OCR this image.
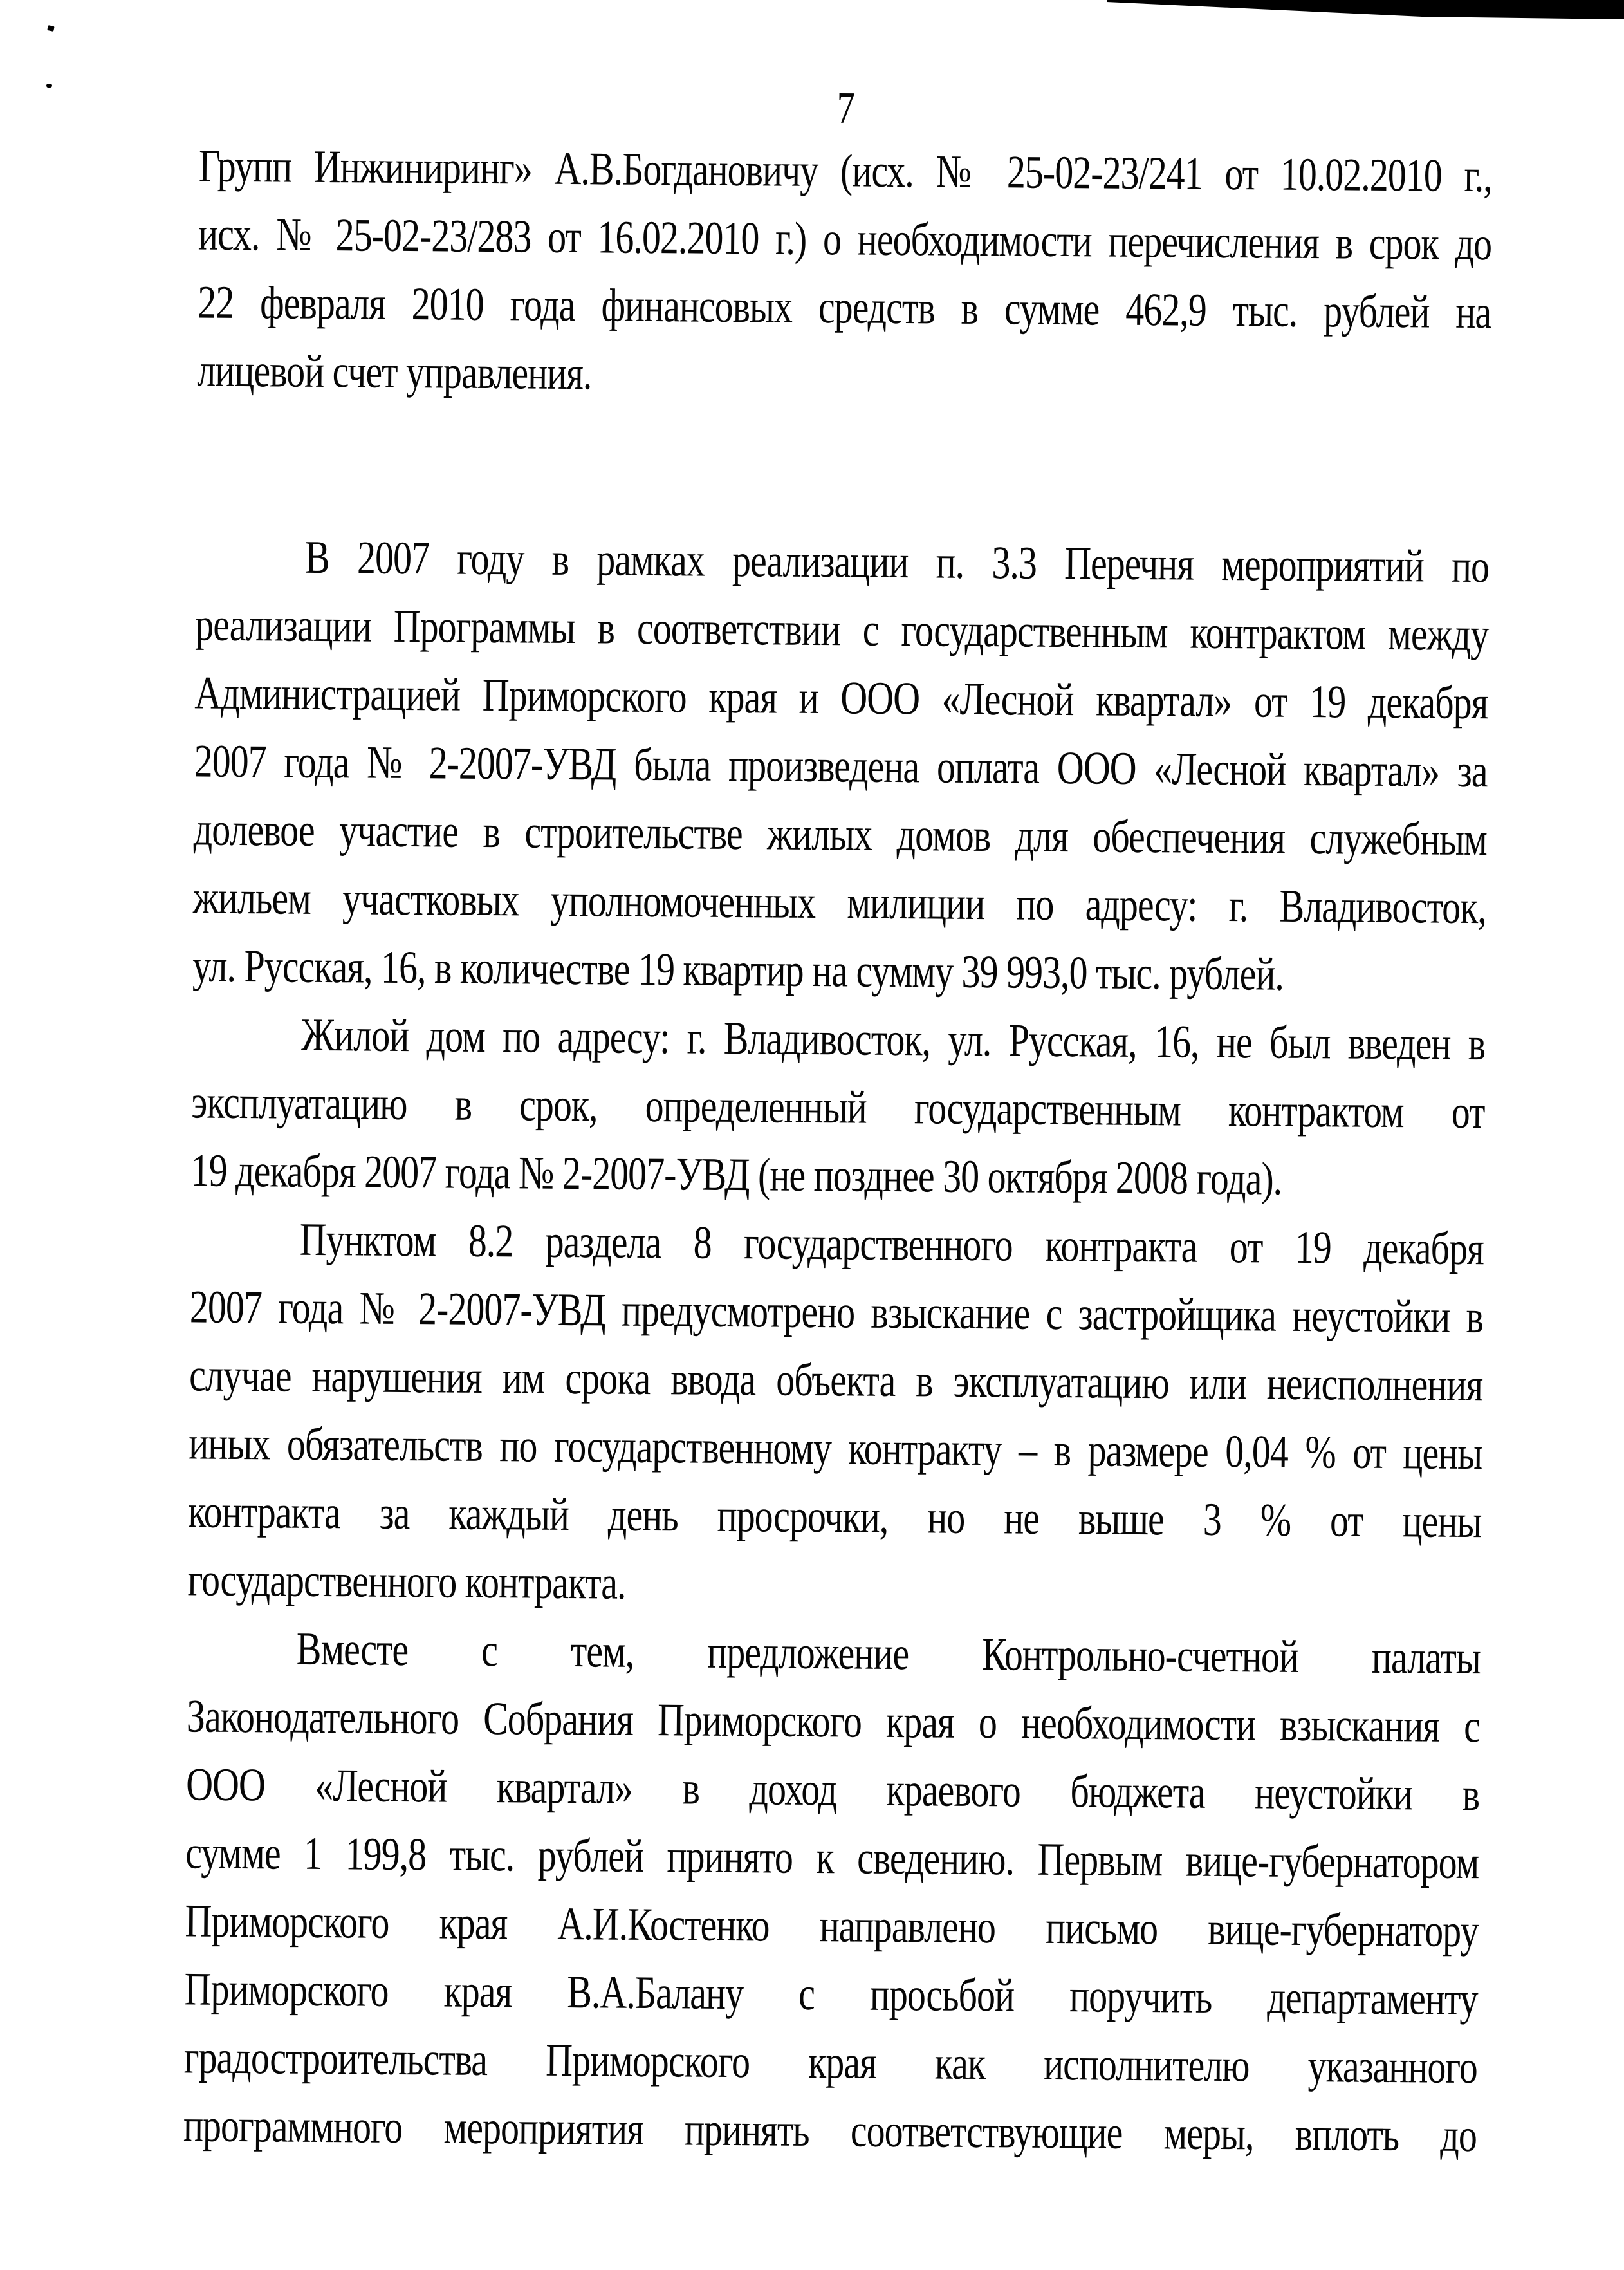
7
Групп Инжиниринг» А.В.Богдановичу (исх. № 25-02-23/241 от 10.02.2010 г.,
исх. № 25-02-23/283 от 16.02.2010 г.) о необходимости перечисления в срок до
22 февраля 2010 года финансовых средств в сумме 462,9 тыс. рублей на
лицевой счет управления.
В 2007 году в рамках реализации п. 3.3 Перечня мероприятий по
реализации Программы в соответствии с государственным контрактом между
Администрацией Приморского края и ООО «Лесной квартал» от 19 декабря
2007 года № 2-2007-УВД была произведена оплата ООО «Лесной квартал» за
долевое участие в строительстве жилых домов для обеспечения служебным
жильем участковых уполномоченных милиции по адресу: г. Владивосток,
ул. Русская, 16, в количестве 19 квартир на сумму 39 993,0 тыс. рублей.
Жилой дом по адресу: г. Владивосток, ул. Русская, 16, не был введен в
эксплуатацию в срок, определенный государственным контрактом от
19 декабря 2007 года № 2-2007-УВД (не позднее 30 октября 2008 года).
Пунктом 8.2 раздела 8 государственного контракта от 19 декабря
2007 года № 2-2007-УВД предусмотрено взыскание с застройщика неустойки в
случае нарушения им срока ввода объекта в эксплуатацию или неисполнения
иных обязательств по государственному контракту – в размере 0,04 % от цены
контракта за каждый день просрочки, но не выше 3 % от цены
государственного контракта.
Вместе с тем, предложение Контрольно-счетной палаты
Законодательного Собрания Приморского края о необходимости взыскания с
ООО «Лесной квартал» в доход краевого бюджета неустойки в
сумме 1 199,8 тыс. рублей принято к сведению. Первым вице-губернатором
Приморского края А.И.Костенко направлено письмо вице-губернатору
Приморского края В.А.Балану с просьбой поручить департаменту
градостроительства Приморского края как исполнителю указанного
программного мероприятия принять соответствующие меры, вплоть до
